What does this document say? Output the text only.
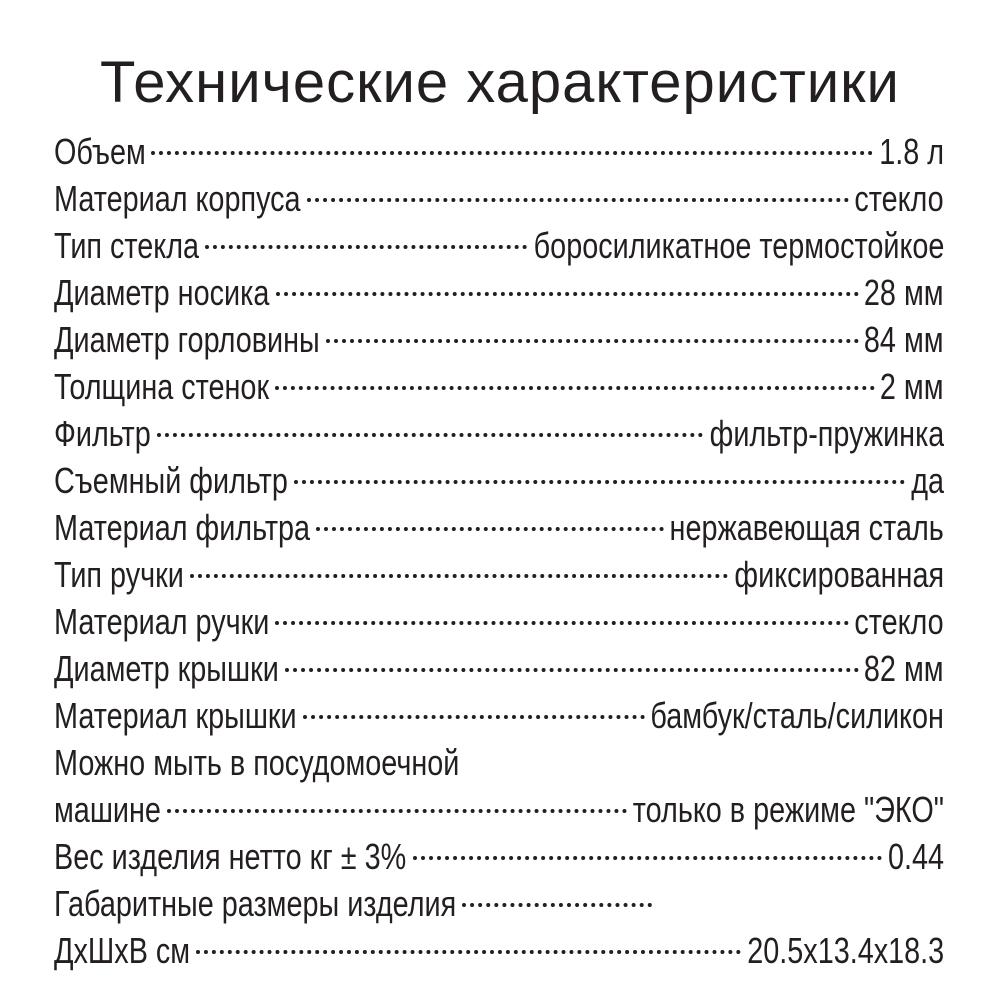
Технические характеристики
Объем	1.8 л
Материал корпуса	стекло
Тип стекла	боросиликатное термостойкое
Диаметр носика	28 мм
Диаметр горловины	84 мм
Толщина стенок	2 мм
Фильтр	фильтр-пружинка
Съемный фильтр	да
Материал фильтра	нержавеющая сталь
Тип ручки	фиксированная
Материал ручки	стекло
Диаметр крышки	82 мм
Материал крышки	бамбук/сталь/силикон
Можно мыть в посудомоечной
машине	только в режиме "ЭКО"
Вес изделия нетто кг ± 3%	0.44
Габаритные размеры изделия
ДхШхВ см	20.5x13.4x18.3
